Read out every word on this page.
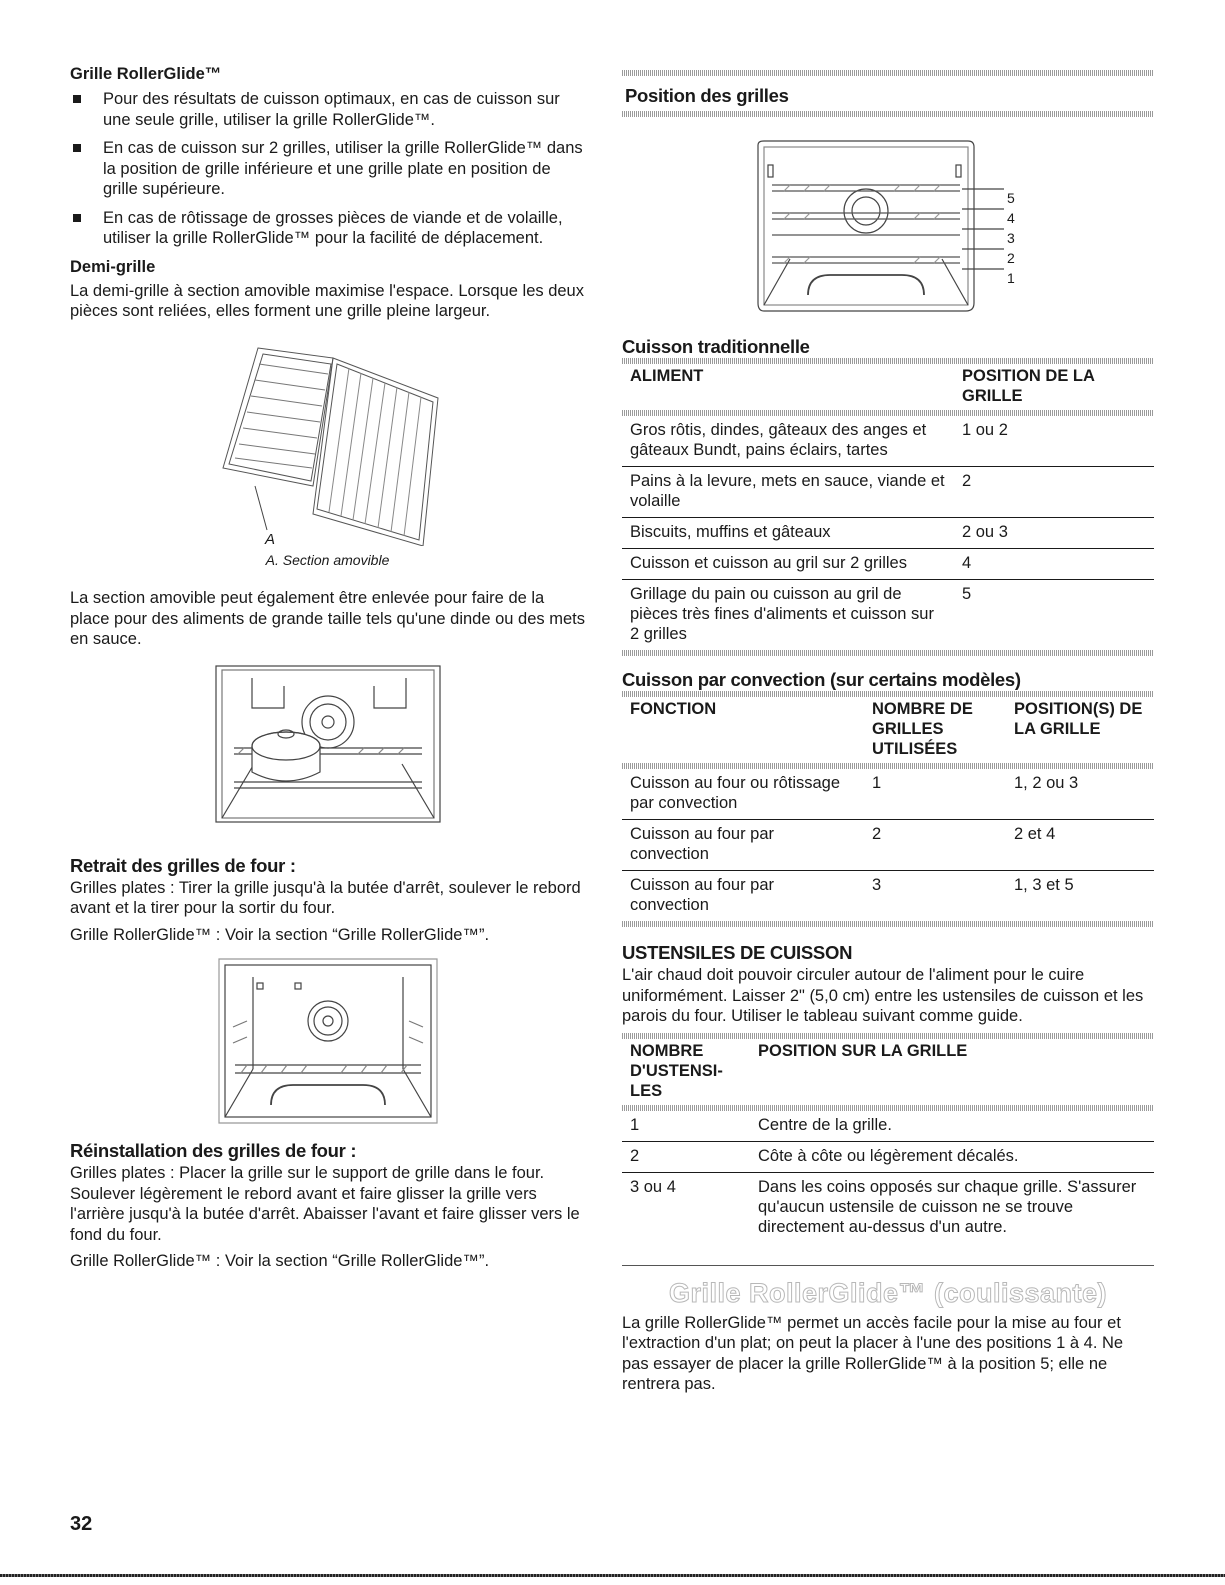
Grille RollerGlide™
Pour des résultats de cuisson optimaux, en cas de cuisson sur une seule grille, utiliser la grille RollerGlide™.
En cas de cuisson sur 2 grilles, utiliser la grille RollerGlide™ dans la position de grille inférieure et une grille plate en position de grille supérieure.
En cas de rôtissage de grosses pièces de viande et de volaille, utiliser la grille RollerGlide™ pour la facilité de déplacement.
Demi-grille

La demi-grille à section amovible maximise l'espace. Lorsque les deux pièces sont reliées, elles forment une grille pleine largeur.

A

A. Section amovible

La section amovible peut également être enlevée pour faire de la place pour des aliments de grande taille tels qu'une dinde ou des mets en sauce.

Retrait des grilles de four :

Grilles plates : Tirer la grille jusqu'à la butée d'arrêt, soulever le rebord avant et la tirer pour la sortir du four.

Grille RollerGlide™ : Voir la section “Grille RollerGlide™”.

Réinstallation des grilles de four :

Grilles plates : Placer la grille sur le support de grille dans le four. Soulever légèrement le rebord avant et faire glisser la grille vers l'arrière jusqu'à la butée d'arrêt. Abaisser l'avant et faire glisser vers le fond du four.

Grille RollerGlide™ : Voir la section “Grille RollerGlide™”.

Position des grilles
5
4
3
2
1
Cuisson traditionnelle
ALIMENT	POSITION DE LA GRILLE

Gros rôtis, dindes, gâteaux des anges et gâteaux Bundt, pains éclairs, tartes	1 ou 2
Pains à la levure, mets en sauce, viande et volaille	2
Biscuits, muffins et gâteaux	2 ou 3
Cuisson et cuisson au gril sur 2 grilles	4
Grillage du pain ou cuisson au gril de pièces très fines d'aliments et cuisson sur 2 grilles	5
Cuisson par convection (sur certains modèles)
FONCTION	NOMBRE DE GRILLES UTILISÉES	POSITION(S) DE LA GRILLE

Cuisson au four ou rôtissage par convection	1	1, 2 ou 3
Cuisson au four par convection	2	2 et 4
Cuisson au four par convection	3	1, 3 et 5
USTENSILES DE CUISSON

L'air chaud doit pouvoir circuler autour de l'aliment pour le cuire uniformément. Laisser 2" (5,0 cm) entre les ustensiles de cuisson et les parois du four. Utiliser le tableau suivant comme guide.

NOMBRE D'USTENSI-LES	POSITION SUR LA GRILLE

1	Centre de la grille.
2	Côte à côte ou légèrement décalés.
3 ou 4	Dans les coins opposés sur chaque grille. S'assurer qu'aucun ustensile de cuisson ne se trouve directement au-dessus d'un autre.
Grille RollerGlide™ (coulissante)

La grille RollerGlide™ permet un accès facile pour la mise au four et l'extraction d'un plat; on peut la placer à l'une des positions 1 à 4. Ne pas essayer de placer la grille RollerGlide™ à la position 5; elle ne rentrera pas.

32
